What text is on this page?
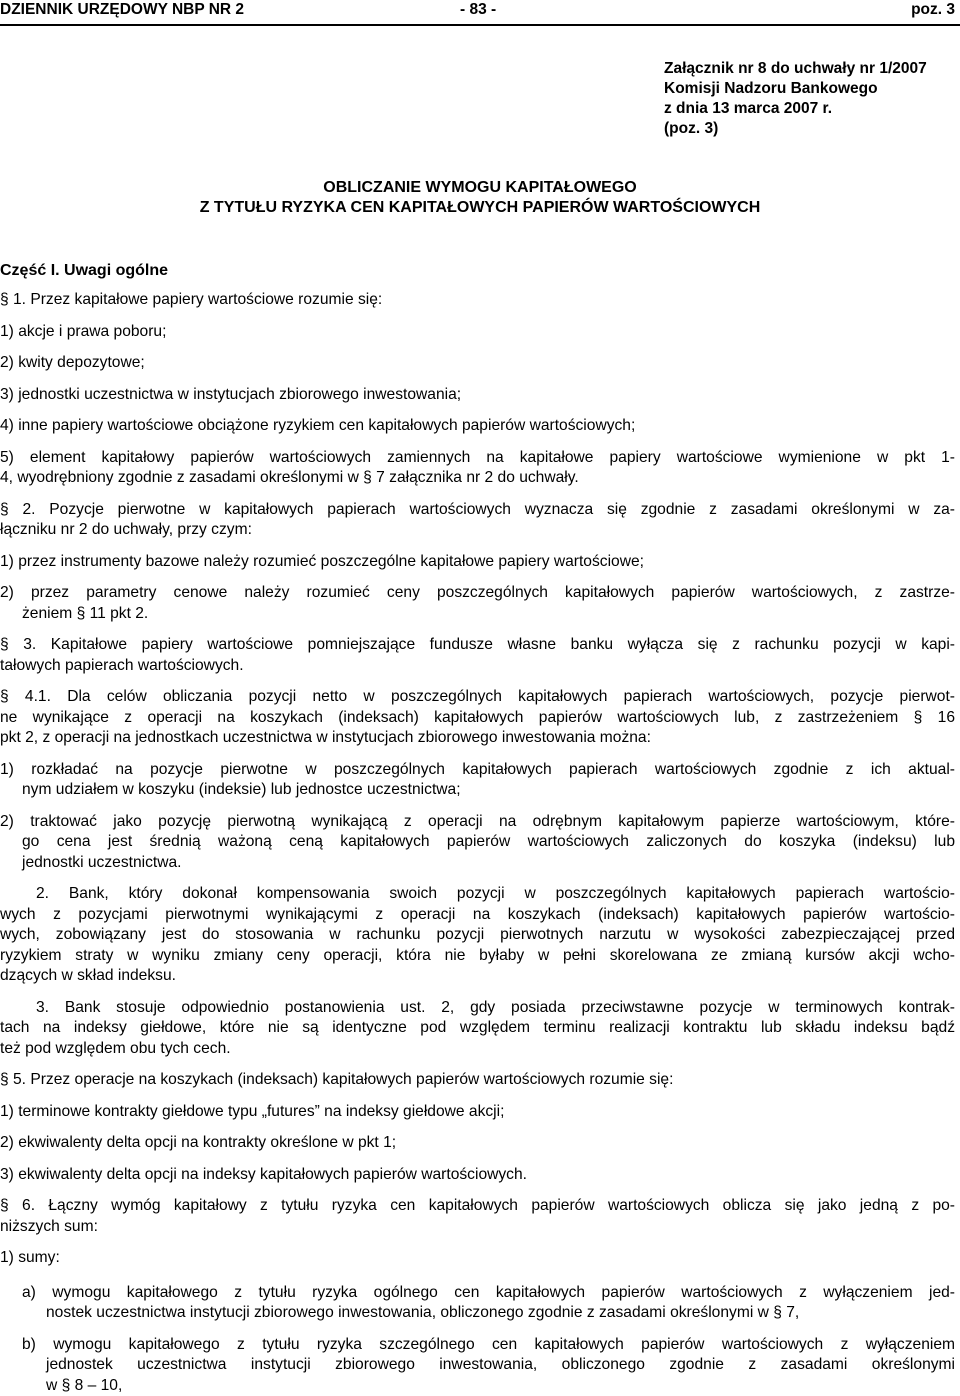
DZIENNIK URZĘDOWY NBP NR 2	- 83 -	poz. 3
Załącznik nr 8 do uchwały nr 1/2007
Komisji Nadzoru Bankowego
z dnia 13 marca 2007 r.
(poz. 3)
OBLICZANIE WYMOGU KAPITAŁOWEGO
Z TYTUŁU RYZYKA CEN KAPITAŁOWYCH PAPIERÓW WARTOŚCIOWYCH
Część I. Uwagi ogólne

§ 1. Przez kapitałowe papiery wartościowe rozumie się:

1) akcje i prawa poboru;

2) kwity depozytowe;

3) jednostki uczestnictwa w instytucjach zbiorowego inwestowania;

4) inne papiery wartościowe obciążone ryzykiem cen kapitałowych papierów wartościowych;

5) element kapitałowy papierów wartościowych zamiennych na kapitałowe papiery wartościowe wymienione w pkt 1-
4, wyodrębniony zgodnie z zasadami określonymi w § 7 załącznika nr 2 do uchwały.
§ 2. Pozycje pierwotne w kapitałowych papierach wartościowych wyznacza się zgodnie z zasadami określonymi w za-
łączniku nr 2 do uchwały, przy czym:

1) przez instrumenty bazowe należy rozumieć poszczególne kapitałowe papiery wartościowe;

2) przez parametry cenowe należy rozumieć ceny poszczególnych kapitałowych papierów wartościowych, z zastrze-
żeniem § 11 pkt 2.
§ 3. Kapitałowe papiery wartościowe pomniejszające fundusze własne banku wyłącza się z rachunku pozycji w kapi-
tałowych papierach wartościowych.
§ 4.1. Dla celów obliczania pozycji netto w poszczególnych kapitałowych papierach wartościowych, pozycje pierwot-
ne wynikające z operacji na koszykach (indeksach) kapitałowych papierów wartościowych lub, z zastrzeżeniem § 16
pkt 2, z operacji na jednostkach uczestnictwa w instytucjach zbiorowego inwestowania można:
1) rozkładać na pozycje pierwotne w poszczególnych kapitałowych papierach wartościowych zgodnie z ich aktual-
nym udziałem w koszyku (indeksie) lub jednostce uczestnictwa;
2) traktować jako pozycję pierwotną wynikającą z operacji na odrębnym kapitałowym papierze wartościowym, które-
go cena jest średnią ważoną ceną kapitałowych papierów wartościowych zaliczonych do koszyka (indeksu) lub
jednostki uczestnictwa.
2. Bank, który dokonał kompensowania swoich pozycji w poszczególnych kapitałowych papierach wartościo-
wych z pozycjami pierwotnymi wynikającymi z operacji na koszykach (indeksach) kapitałowych papierów wartościo-
wych, zobowiązany jest do stosowania w rachunku pozycji pierwotnych narzutu w wysokości zabezpieczającej przed
ryzykiem straty w wyniku zmiany ceny operacji, która nie byłaby w pełni skorelowana ze zmianą kursów akcji wcho-
dzących w skład indeksu.
3. Bank stosuje odpowiednio postanowienia ust. 2, gdy posiada przeciwstawne pozycje w terminowych kontrak-
tach na indeksy giełdowe, które nie są identyczne pod względem terminu realizacji kontraktu lub składu indeksu bądź
też pod względem obu tych cech.

§ 5. Przez operacje na koszykach (indeksach) kapitałowych papierów wartościowych rozumie się:

1) terminowe kontrakty giełdowe typu „futures” na indeksy giełdowe akcji;

2) ekwiwalenty delta opcji na kontrakty określone w pkt 1;

3) ekwiwalenty delta opcji na indeksy kapitałowych papierów wartościowych.

§ 6. Łączny wymóg kapitałowy z tytułu ryzyka cen kapitałowych papierów wartościowych oblicza się jako jedną z po-
niższych sum:

1) sumy:

a) wymogu kapitałowego z tytułu ryzyka ogólnego cen kapitałowych papierów wartościowych z wyłączeniem jed-
nostek uczestnictwa instytucji zbiorowego inwestowania, obliczonego zgodnie z zasadami określonymi w § 7,
b) wymogu kapitałowego z tytułu ryzyka szczególnego cen kapitałowych papierów wartościowych z wyłączeniem
jednostek uczestnictwa instytucji zbiorowego inwestowania, obliczonego zgodnie z zasadami określonymi
w § 8 – 10,
